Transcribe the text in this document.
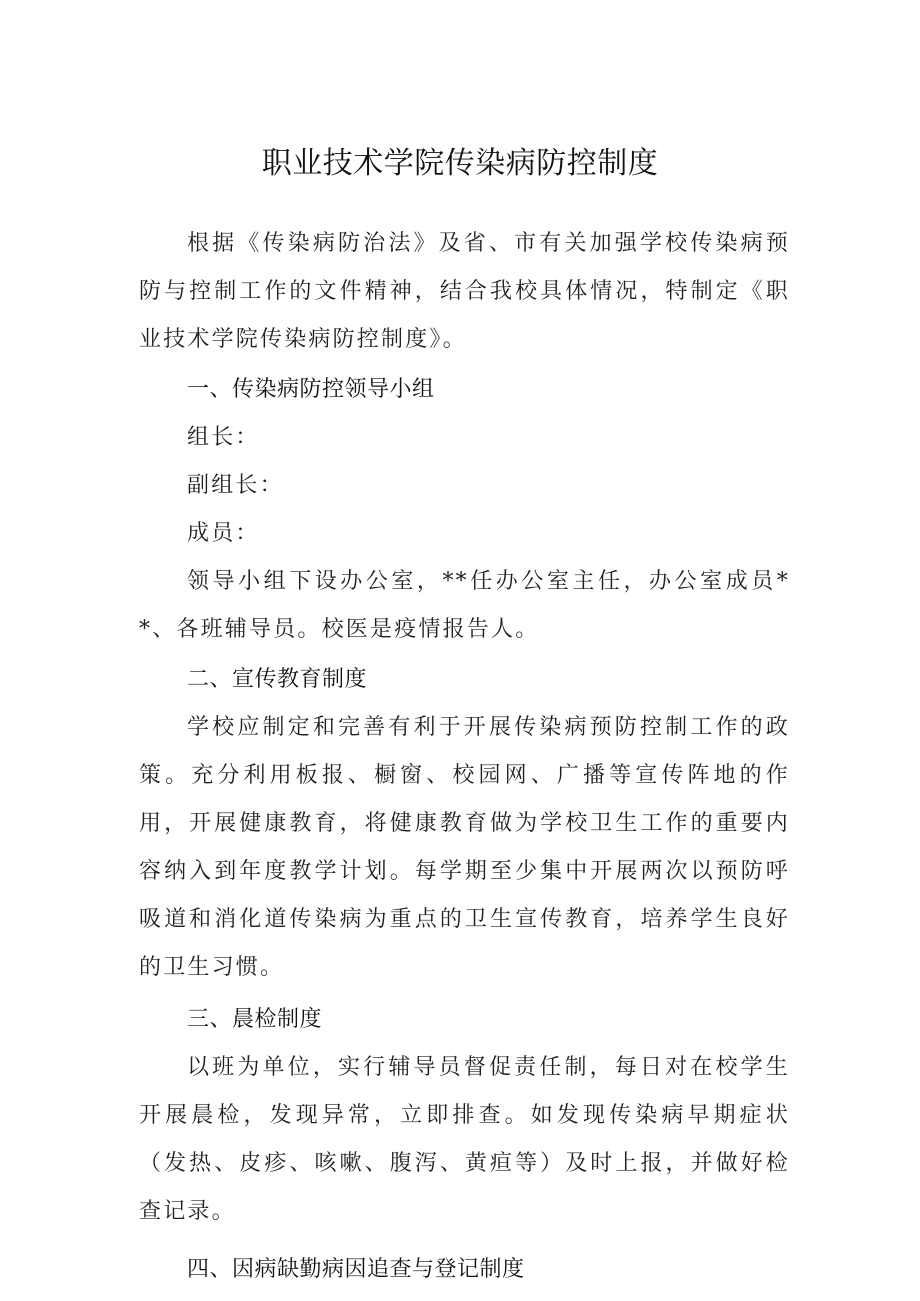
职业技术学院传染病防控制度

根据《传染病防治法》及省、市有关加强学校传染病预防与控制工作的文件精神，结合我校具体情况，特制定《职业技术学院传染病防控制度》。

一、传染病防控领导小组

组长：

副组长：

成员：

领导小组下设办公室，**任办公室主任，办公室成员**、各班辅导员。校医是疫情报告人。

二、宣传教育制度

学校应制定和完善有利于开展传染病预防控制工作的政策。充分利用板报、橱窗、校园网、广播等宣传阵地的作用，开展健康教育，将健康教育做为学校卫生工作的重要内容纳入到年度教学计划。每学期至少集中开展两次以预防呼吸道和消化道传染病为重点的卫生宣传教育，培养学生良好的卫生习惯。

三、晨检制度

以班为单位，实行辅导员督促责任制，每日对在校学生开展晨检，发现异常，立即排查。如发现传染病早期症状（发热、皮疹、咳嗽、腹泻、黄疸等）及时上报，并做好检查记录。

四、因病缺勤病因追查与登记制度
